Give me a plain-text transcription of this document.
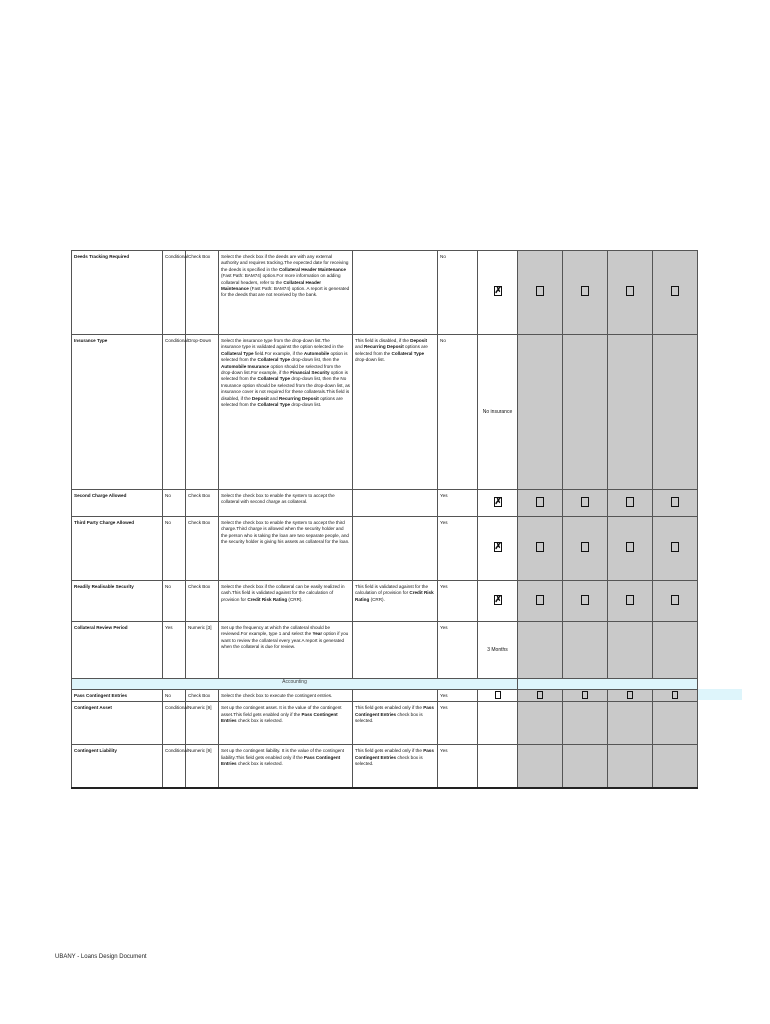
Deeds Tracking Required	Conditional	Check Box	Select the check box if the deeds are with any external authority and requires tracking.The expected date for receiving the deeds is specified in the Collateral Header Maintenance (Fast Path: BAM74) option.For more information on adding collateral headers, refer to the Collateral Header Maintenance (Fast Path: BAM74) option. A report is generated for the deeds that are not received by the bank.		No	✗				
Insurance Type	Conditional	Drop-Down	Select the insurance type from the drop-down list.The insurance type is validated against the option selected in the Collateral Type field.For example, if the Automobile option is selected from the Collateral Type drop-down list, then the Automobile Insurance option should be selected from the drop-down list.For example, if the Financial Security option is selected from the Collateral Type drop-down list, then the No Insurance option should be selected from the drop-down list, as insurance cover is not required for these collaterals.This field is disabled, if the Deposit and Recurring Deposit options are selected from the Collateral Type drop-down list.	This field is disabled, if the Deposit and Recurring Deposit options are selected from the Collateral Type drop-down list.	No	No insurance				

Second Charge Allowed	No	Check Box	Select the check box to enable the system to accept the collateral with second charge as collateral.		Yes	✗				
Third Party Charge Allowed	No	Check Box	Select the check box to enable the system to accept the third charge.Third charge is allowed when the security holder and the person who is taking the loan are two separate people, and the security holder is giving his assets as collateral for the loan.		Yes	✗				
Readily Realisable Security	No	Check Box	Select the check box if the collateral can be easily realized in cash.This field is validated against for the calculation of provision for Credit Risk Rating (CRR).	This field is validated against for the calculation of provision for Credit Risk Rating (CRR).	Yes	✗				
Collateral Review Period	Yes	Numeric [3]	Set up the frequency at which the collateral should be reviewed.For example, type 1 and select the Year option if you want to review the collateral every year.A report is generated when the collateral is due for review.		Yes	3 Months				

Accounting										
Pass Contingent Entries	No	Check Box	Select the check box to execute the contingent entries.		Yes					
Contingent Asset	Conditional	Numeric [9]	Set up the contingent asset. It is the value of the contingent asset.This field gets enabled only if the Pass Contingent Entries check box is selected.	This field gets enabled only if the Pass Contingent Entries check box is selected.	Yes					
Contingent Liability	Conditional	Numeric [9]	Set up the contingent liability. It is the value of the contingent liability.This field gets enabled only if the Pass Contingent Entries check box is selected.	This field gets enabled only if the Pass Contingent Entries check box is selected.	Yes					
UBANY - Loans Design Document
